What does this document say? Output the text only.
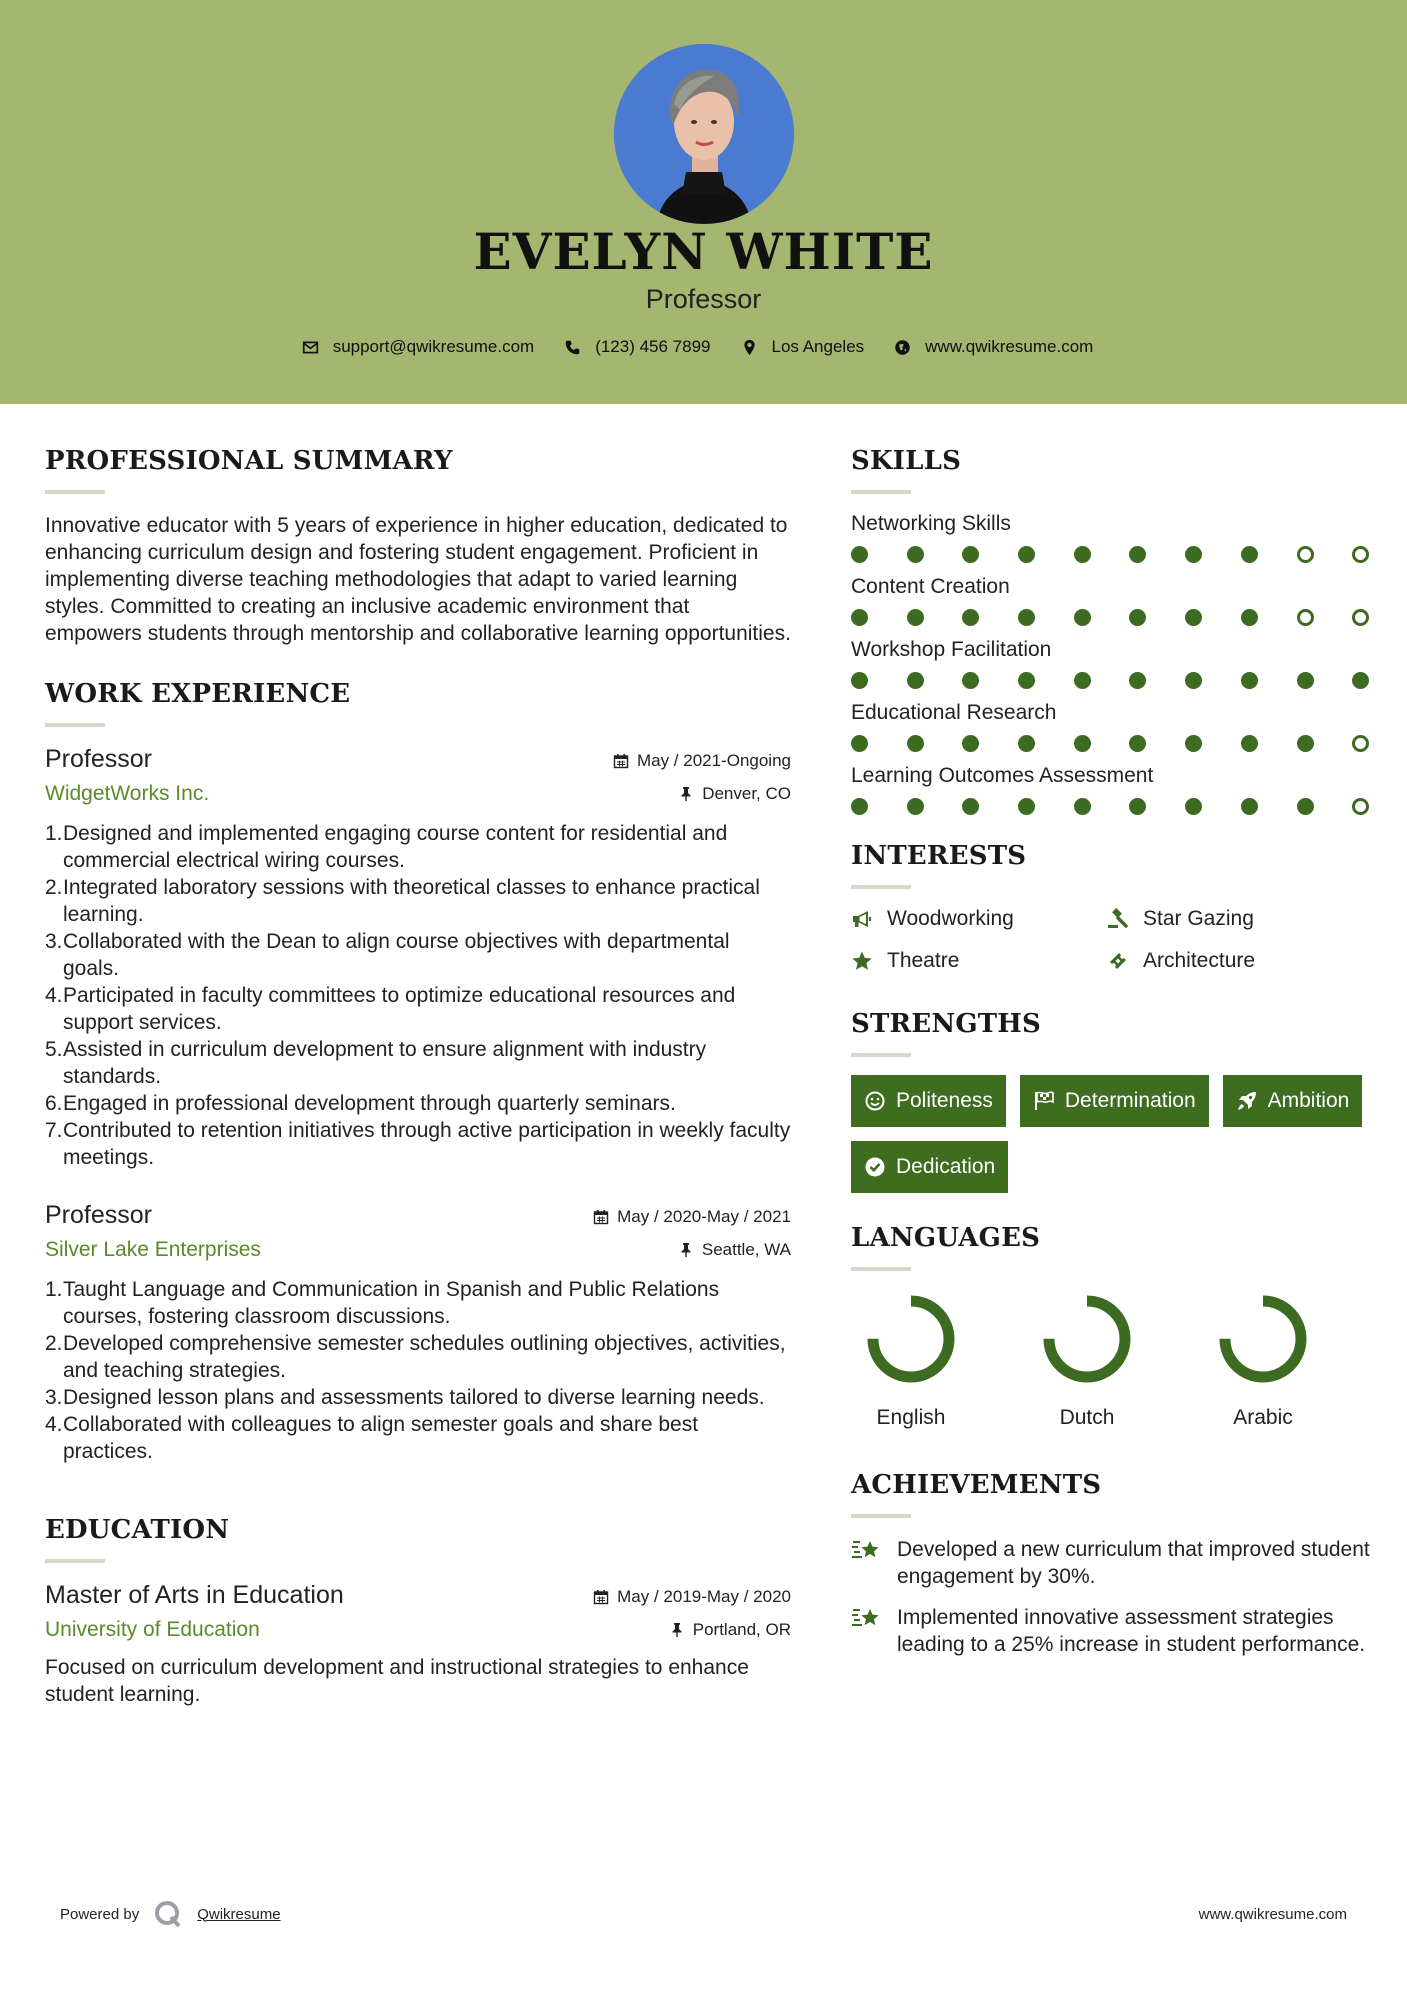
EVELYN WHITE
Professor
support@qwikresume.com	(123) 456 7899	Los Angeles	www.qwikresume.com
PROFESSIONAL SUMMARY
Innovative educator with 5 years of experience in higher education, dedicated to enhancing curriculum design and fostering student engagement. Proficient in implementing diverse teaching methodologies that adapt to varied learning styles. Committed to creating an inclusive academic environment that empowers students through mentorship and collaborative learning opportunities.
WORK EXPERIENCE
Professor	May / 2021-Ongoing
WidgetWorks Inc.	Denver, CO
1. Designed and implemented engaging course content for residential and commercial electrical wiring courses.
2. Integrated laboratory sessions with theoretical classes to enhance practical learning.
3. Collaborated with the Dean to align course objectives with departmental goals.
4. Participated in faculty committees to optimize educational resources and support services.
5. Assisted in curriculum development to ensure alignment with industry standards.
6. Engaged in professional development through quarterly seminars.
7. Contributed to retention initiatives through active participation in weekly faculty meetings.
Professor	May / 2020-May / 2021
Silver Lake Enterprises	Seattle, WA
1. Taught Language and Communication in Spanish and Public Relations courses, fostering classroom discussions.
2. Developed comprehensive semester schedules outlining objectives, activities, and teaching strategies.
3. Designed lesson plans and assessments tailored to diverse learning needs.
4. Collaborated with colleagues to align semester goals and share best practices.
EDUCATION
Master of Arts in Education	May / 2019-May / 2020
University of Education	Portland, OR
Focused on curriculum development and instructional strategies to enhance student learning.
SKILLS
Networking Skills
Content Creation
Workshop Facilitation
Educational Research
Learning Outcomes Assessment
INTERESTS
Woodworking	Star Gazing
Theatre	Architecture
STRENGTHS
Politeness	Determination	Ambition
Dedication
LANGUAGES
English	Dutch	Arabic
ACHIEVEMENTS
Developed a new curriculum that improved student engagement by 30%.
Implemented innovative assessment strategies leading to a 25% increase in student performance.
Powered by	Qwikresume	www.qwikresume.com
